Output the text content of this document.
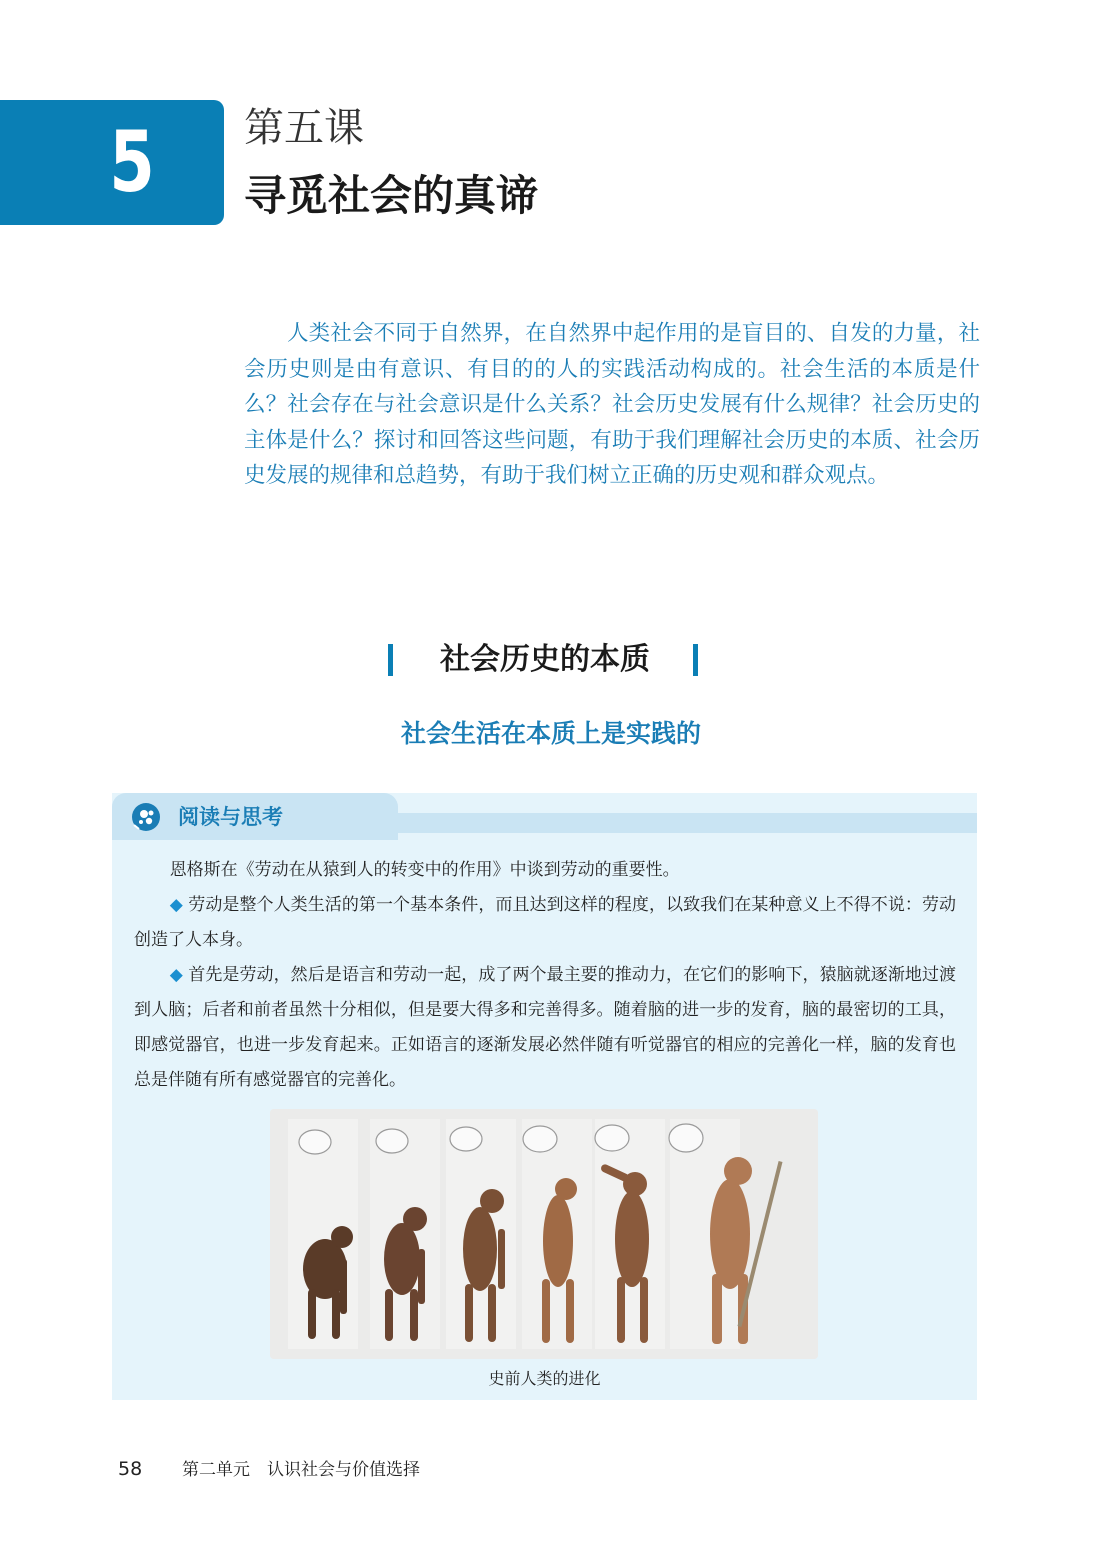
5 第五课
寻觅社会的真谛

人类社会不同于自然界，在自然界中起作用的是盲目的、自发的力量，社会历史则是由有意识、有目的的人的实践活动构成的。社会生活的本质是什么？社会存在与社会意识是什么关系？社会历史发展有什么规律？社会历史的主体是什么？探讨和回答这些问题，有助于我们理解社会历史的本质、社会历史发展的规律和总趋势，有助于我们树立正确的历史观和群众观点。

社会历史的本质
社会生活在本质上是实践的
阅读与思考

恩格斯在《劳动在从猿到人的转变中的作用》中谈到劳动的重要性。

◆ 劳动是整个人类生活的第一个基本条件，而且达到这样的程度，以致我们在某种意义上不得不说：劳动创造了人本身。

◆ 首先是劳动，然后是语言和劳动一起，成了两个最主要的推动力，在它们的影响下，猿脑就逐渐地过渡到人脑；后者和前者虽然十分相似，但是要大得多和完善得多。随着脑的进一步的发育，脑的最密切的工具，即感觉器官，也进一步发育起来。正如语言的逐渐发展必然伴随有听觉器官的相应的完善化一样，脑的发育也总是伴随有所有感觉器官的完善化。

史前人类的进化
58 第二单元　认识社会与价值选择
